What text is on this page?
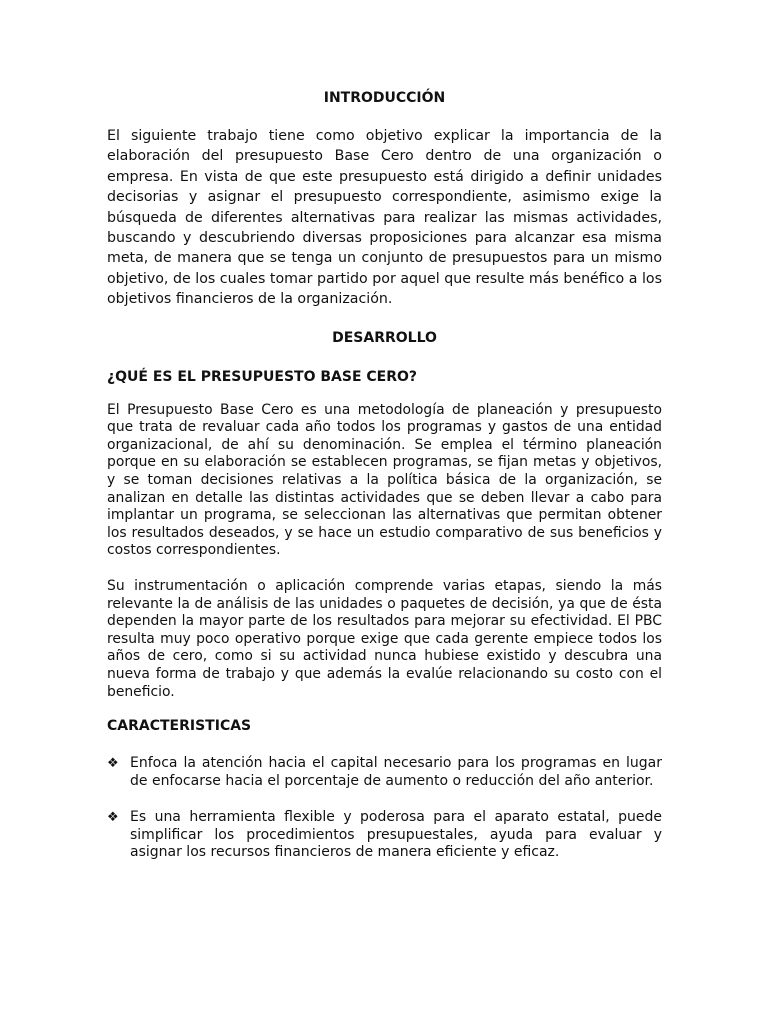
INTRODUCCIÓN

El siguiente trabajo tiene como objetivo explicar la importancia de la elaboración del presupuesto Base Cero dentro de una organización o empresa. En vista de que este presupuesto está dirigido a definir unidades decisorias y asignar el presupuesto correspondiente, asimismo exige la búsqueda de diferentes alternativas para realizar las mismas actividades, buscando y descubriendo diversas proposiciones para alcanzar esa misma meta, de manera que se tenga un conjunto de presupuestos para un mismo objetivo, de los cuales tomar partido por aquel que resulte más benéfico a los objetivos financieros de la organización.

DESARROLLO
¿QUÉ ES EL PRESUPUESTO BASE CERO?

El Presupuesto Base Cero es una metodología de planeación y presupuesto que trata de revaluar cada año todos los programas y gastos de una entidad organizacional, de ahí su denominación. Se emplea el término planeación porque en su elaboración se establecen programas, se fijan metas y objetivos, y se toman decisiones relativas a la política básica de la organización, se analizan en detalle las distintas actividades que se deben llevar a cabo para implantar un programa, se seleccionan las alternativas que permitan obtener los resultados deseados, y se hace un estudio comparativo de sus beneficios y costos correspondientes.

Su instrumentación o aplicación comprende varias etapas, siendo la más relevante la de análisis de las unidades o paquetes de decisión, ya que de ésta dependen la mayor parte de los resultados para mejorar su efectividad. El PBC resulta muy poco operativo porque exige que cada gerente empiece todos los años de cero, como si su actividad nunca hubiese existido y descubra una nueva forma de trabajo y que además la evalúe relacionando su costo con el beneficio.

CARACTERISTICAS
❖ Enfoca la atención hacia el capital necesario para los programas en lugar de enfocarse hacia el porcentaje de aumento o reducción del año anterior.
❖ Es una herramienta flexible y poderosa para el aparato estatal, puede simplificar los procedimientos presupuestales, ayuda para evaluar y asignar los recursos financieros de manera eficiente y eficaz.
